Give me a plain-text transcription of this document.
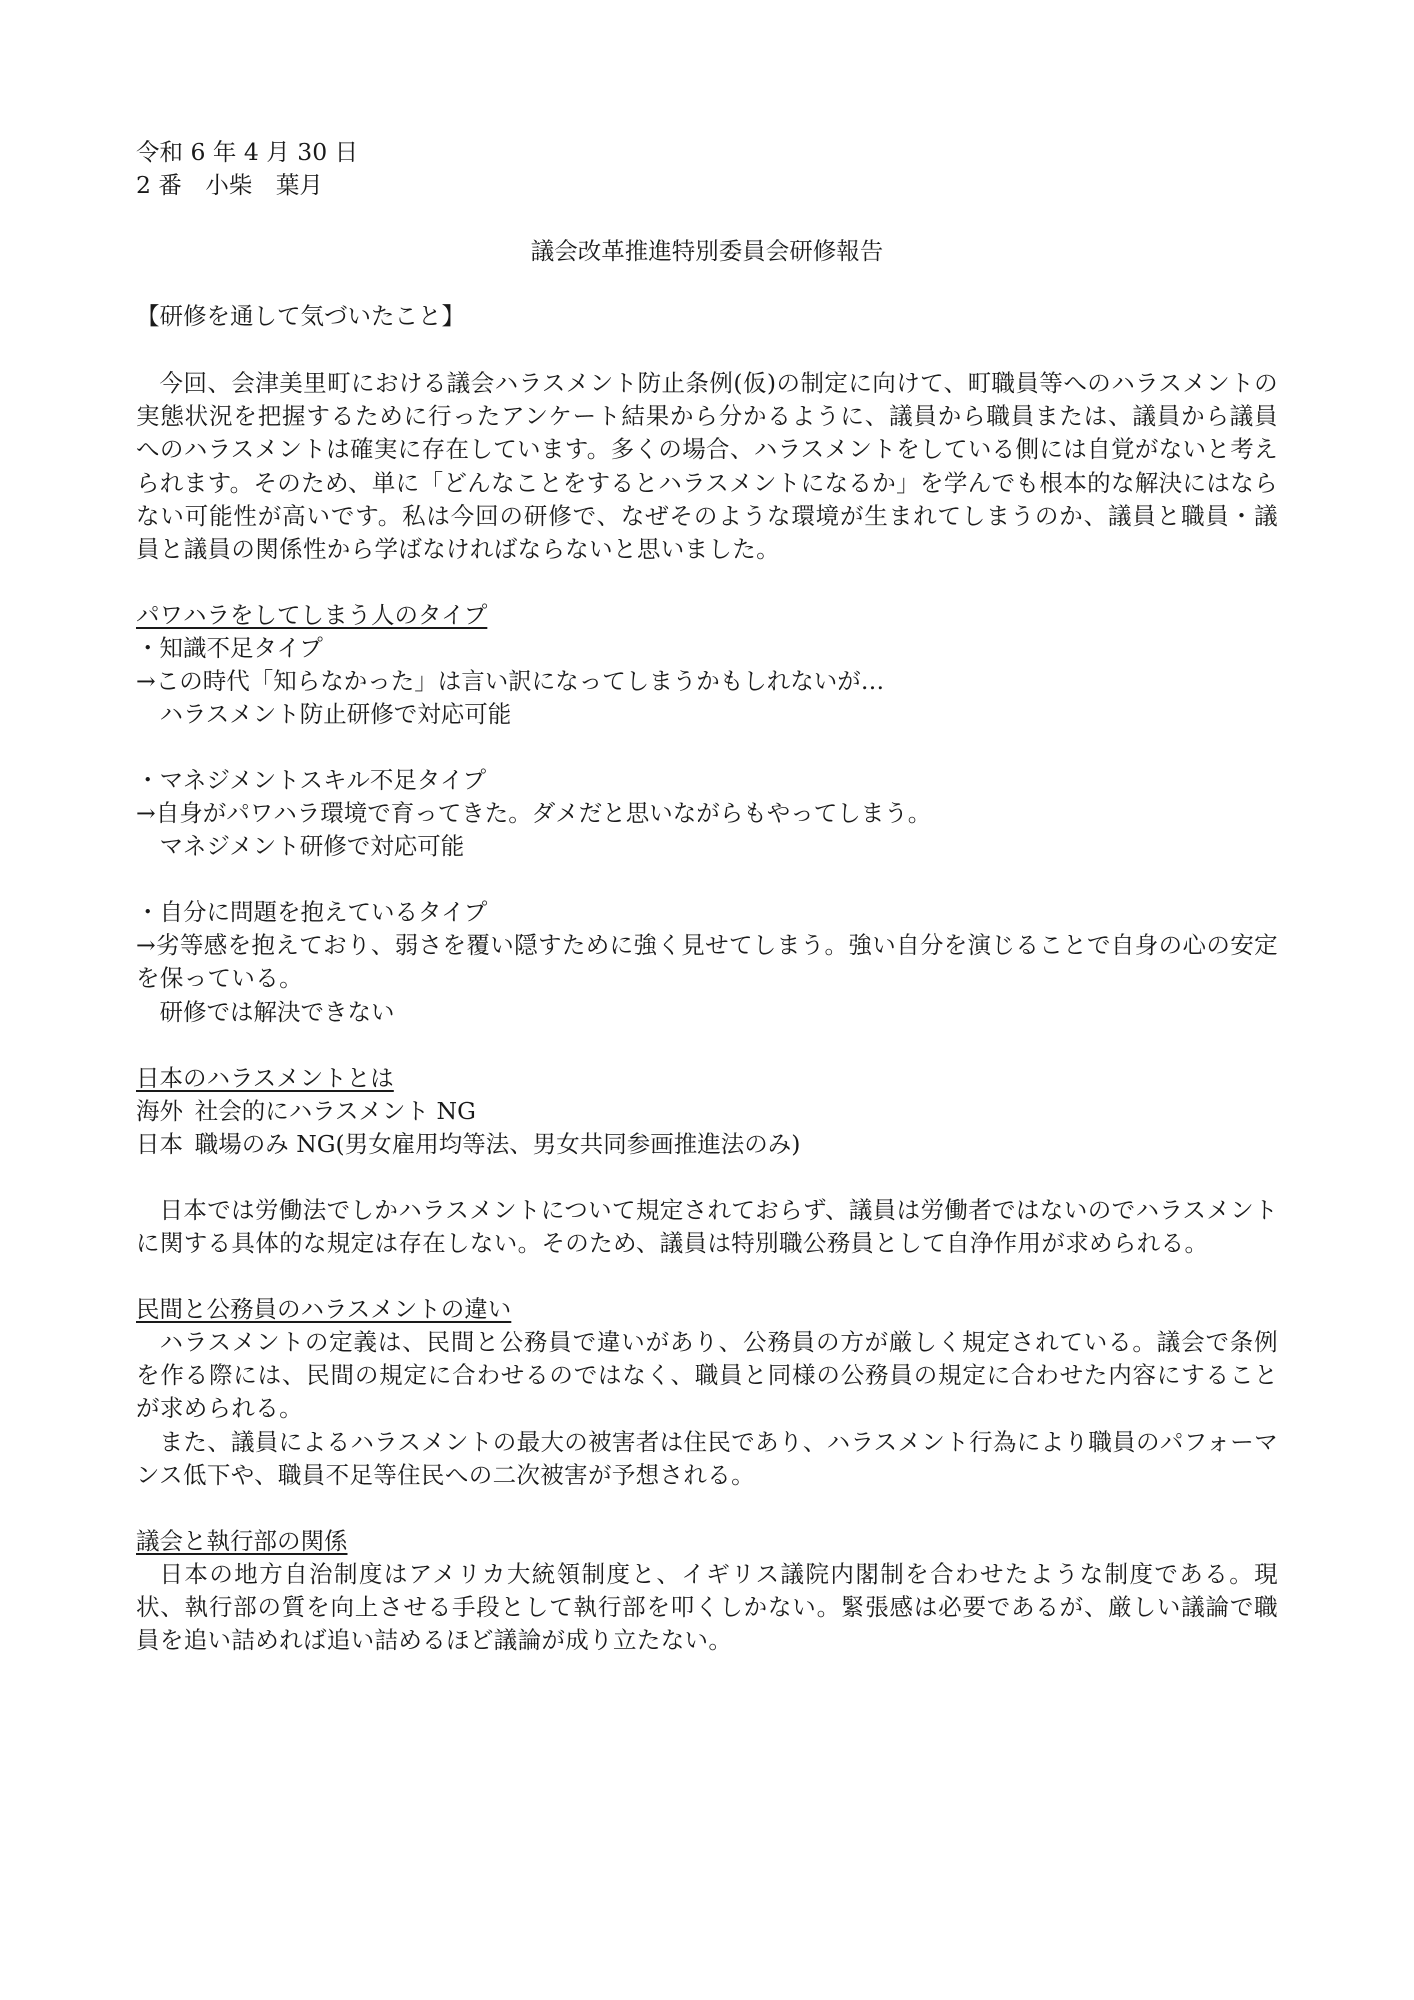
令和 6 年 4 月 30 日
2 番　小柴　葉月
議会改革推進特別委員会研修報告
【研修を通して気づいたこと】
今回、会津美里町における議会ハラスメント防止条例(仮)の制定に向けて、町職員等へのハラスメントの実態状況を把握するために行ったアンケート結果から分かるように、議員から職員または、議員から議員へのハラスメントは確実に存在しています。多くの場合、ハラスメントをしている側には自覚がないと考えられます。そのため、単に「どんなことをするとハラスメントになるか」を学んでも根本的な解決にはならない可能性が高いです。私は今回の研修で、なぜそのような環境が生まれてしまうのか、議員と職員・議員と議員の関係性から学ばなければならないと思いました。
パワハラをしてしまう人のタイプ
・知識不足タイプ
→この時代「知らなかった」は言い訳になってしまうかもしれないが…
ハラスメント防止研修で対応可能
・マネジメントスキル不足タイプ
→自身がパワハラ環境で育ってきた。ダメだと思いながらもやってしまう。
マネジメント研修で対応可能
・自分に問題を抱えているタイプ
→劣等感を抱えており、弱さを覆い隠すために強く見せてしまう。強い自分を演じることで自身の心の安定を保っている。
研修では解決できない
日本のハラスメントとは
海外 社会的にハラスメント NG
日本 職場のみ NG(男女雇用均等法、男女共同参画推進法のみ)
日本では労働法でしかハラスメントについて規定されておらず、議員は労働者ではないのでハラスメントに関する具体的な規定は存在しない。そのため、議員は特別職公務員として自浄作用が求められる。
民間と公務員のハラスメントの違い
ハラスメントの定義は、民間と公務員で違いがあり、公務員の方が厳しく規定されている。議会で条例を作る際には、民間の規定に合わせるのではなく、職員と同様の公務員の規定に合わせた内容にすることが求められる。
また、議員によるハラスメントの最大の被害者は住民であり、ハラスメント行為により職員のパフォーマンス低下や、職員不足等住民への二次被害が予想される。
議会と執行部の関係
日本の地方自治制度はアメリカ大統領制度と、イギリス議院内閣制を合わせたような制度である。現状、執行部の質を向上させる手段として執行部を叩くしかない。緊張感は必要であるが、厳しい議論で職員を追い詰めれば追い詰めるほど議論が成り立たない。
